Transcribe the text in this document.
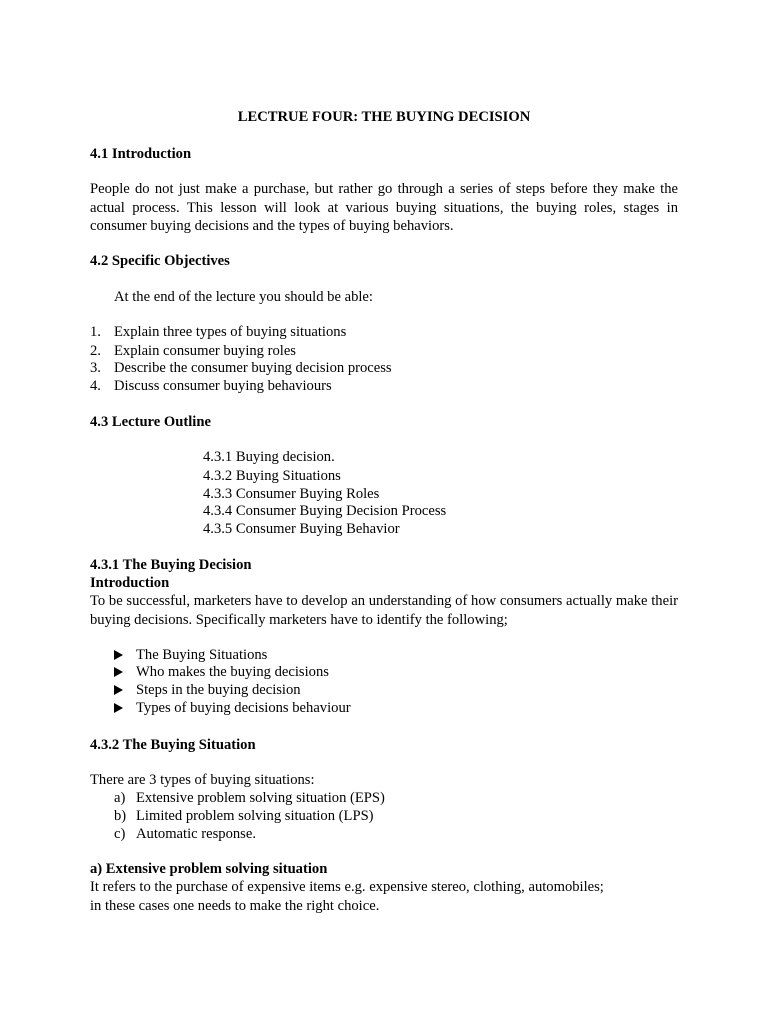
LECTRUE FOUR: THE BUYING DECISION
4.1 Introduction
People do not just make a purchase, but rather go through a series of steps before they make the actual process. This lesson will look at various buying situations, the buying roles, stages in consumer buying decisions and the types of buying behaviors.
4.2 Specific Objectives
At the end of the lecture you should be able:
1. Explain three types of buying situations
2. Explain consumer buying roles
3. Describe the consumer buying decision process
4. Discuss consumer buying behaviours
4.3 Lecture Outline
4.3.1 Buying decision.
4.3.2 Buying Situations
4.3.3 Consumer Buying Roles
4.3.4 Consumer Buying Decision Process
4.3.5 Consumer Buying Behavior
4.3.1 The Buying Decision
Introduction
To be successful, marketers have to develop an understanding of how consumers actually make their buying decisions. Specifically marketers have to identify the following;
The Buying Situations
Who makes the buying decisions
Steps in the buying decision
Types of buying decisions behaviour
4.3.2 The Buying Situation
There are 3 types of buying situations:
a) Extensive problem solving situation (EPS)
b) Limited problem solving situation (LPS)
c) Automatic response.
a) Extensive problem solving situation
It refers to the purchase of expensive items e.g. expensive stereo, clothing, automobiles;
in these cases one needs to make the right choice.
